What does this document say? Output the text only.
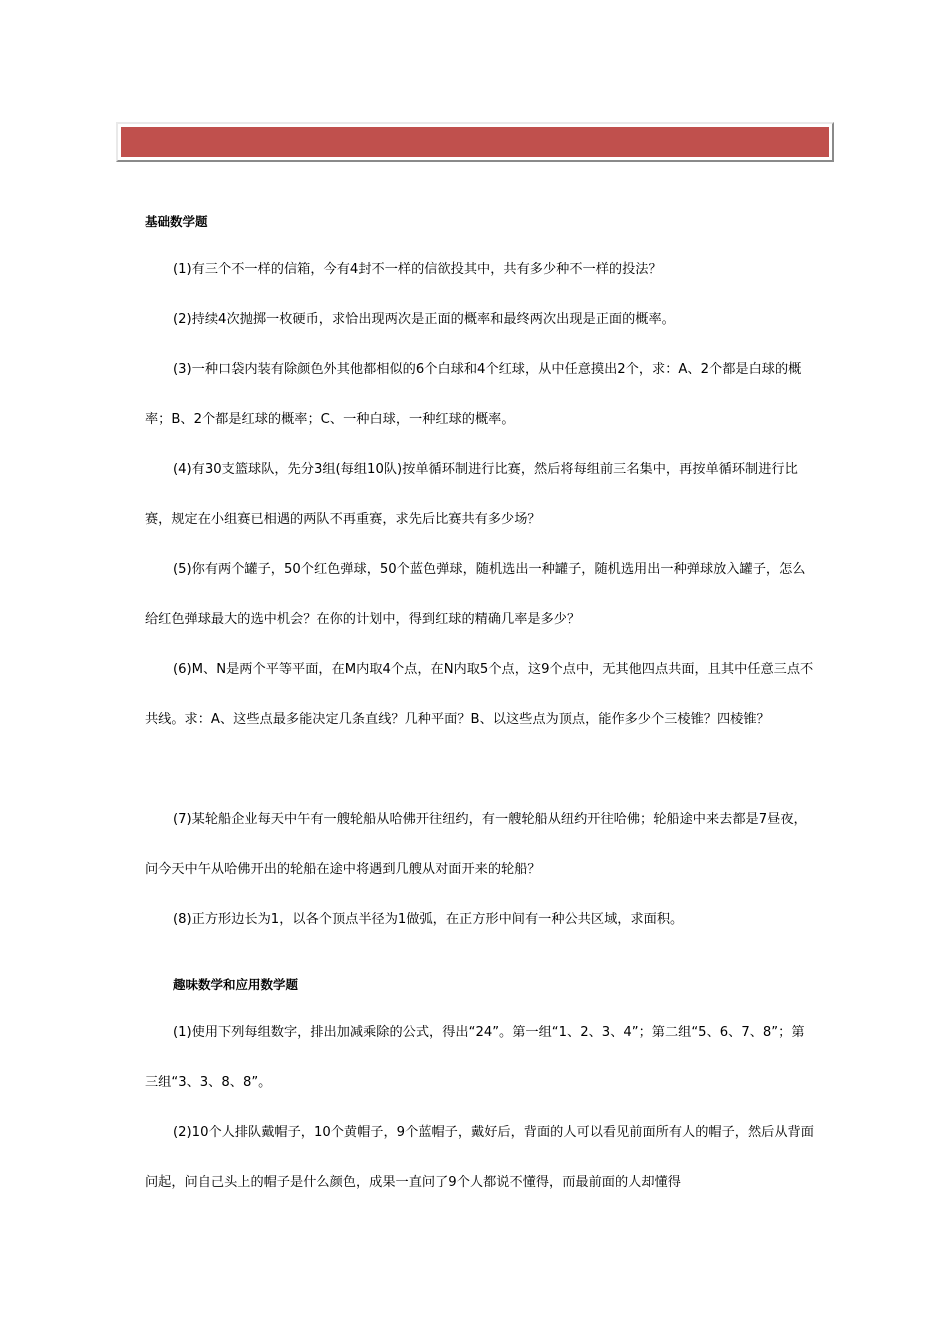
基础数学题

(1)有三个不一样的信箱，今有4封不一样的信欲投其中，共有多少种不一样的投法？

(2)持续4次抛掷一枚硬币，求恰出现两次是正面的概率和最终两次出现是正面的概率。

(3)一种口袋内装有除颜色外其他都相似的6个白球和4个红球，从中任意摸出2个，求：A、2个都是白球的概率；B、2个都是红球的概率；C、一种白球，一种红球的概率。

(4)有30支篮球队，先分3组(每组10队)按单循环制进行比赛，然后将每组前三名集中，再按单循环制进行比赛，规定在小组赛已相遇的两队不再重赛，求先后比赛共有多少场？

(5)你有两个罐子，50个红色弹球，50个蓝色弹球，随机选出一种罐子，随机选用出一种弹球放入罐子，怎么给红色弹球最大的选中机会？在你的计划中，得到红球的精确几率是多少？

(6)M、N是两个平等平面，在M内取4个点，在N内取5个点，这9个点中，无其他四点共面，且其中任意三点不共线。求：A、这些点最多能决定几条直线？几种平面？B、以这些点为顶点，能作多少个三棱锥？四棱锥？

(7)某轮船企业每天中午有一艘轮船从哈佛开往纽约，有一艘轮船从纽约开往哈佛；轮船途中来去都是7昼夜，问今天中午从哈佛开出的轮船在途中将遇到几艘从对面开来的轮船？

(8)正方形边长为1，以各个顶点半径为1做弧，在正方形中间有一种公共区域，求面积。

趣味数学和应用数学题

(1)使用下列每组数字，排出加减乘除的公式，得出“24”。第一组“1、2、3、4”；第二组“5、6、7、8”；第三组“3、3、8、8”。

(2)10个人排队戴帽子，10个黄帽子，9个蓝帽子，戴好后，背面的人可以看见前面所有人的帽子，然后从背面问起，问自己头上的帽子是什么颜色，成果一直问了9个人都说不懂得，而最前面的人却懂得
